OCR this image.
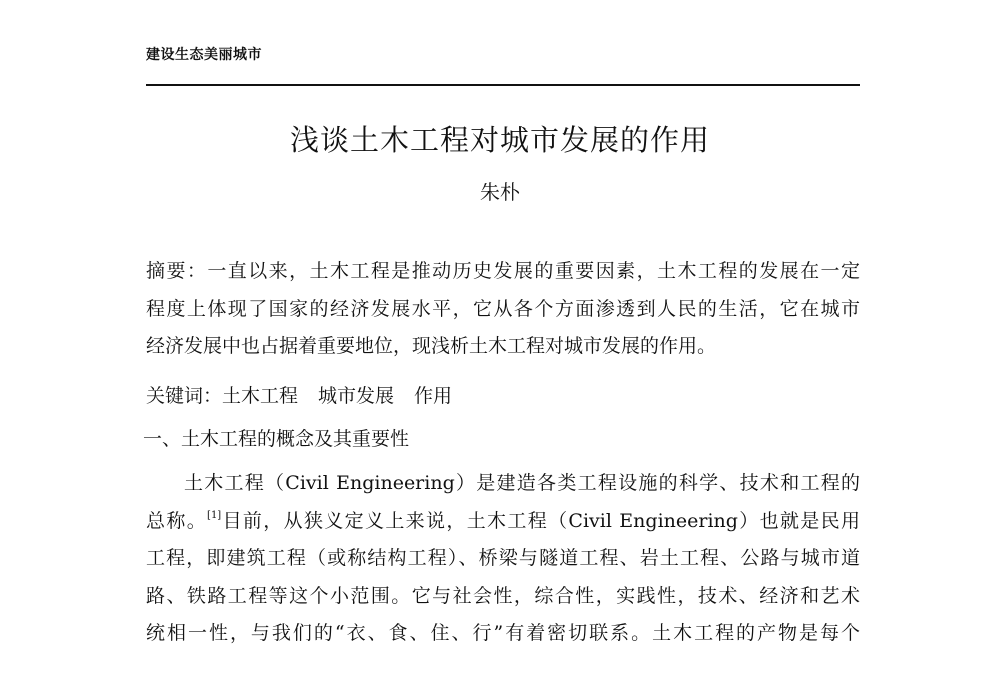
建设生态美丽城市
浅谈土木工程对城市发展的作用
朱朴
摘要：一直以来，土木工程是推动历史发展的重要因素，土木工程的发展在一定
程度上体现了国家的经济发展水平，它从各个方面渗透到人民的生活，它在城市
经济发展中也占据着重要地位，现浅析土木工程对城市发展的作用。
关键词：土木工程 城市发展 作用
一、土木工程的概念及其重要性
土木工程（Civil Engineering）是建造各类工程设施的科学、技术和工程的
总称。[1]目前，从狭义定义上来说，土木工程（Civil Engineering）也就是民用
工程，即建筑工程（或称结构工程）、桥梁与隧道工程、岩土工程、公路与城市道
路、铁路工程等这个小范围。它与社会性，综合性，实践性，技术、经济和艺术
统相一性，与我们的“衣、食、住、行”有着密切联系。土木工程的产物是每个
